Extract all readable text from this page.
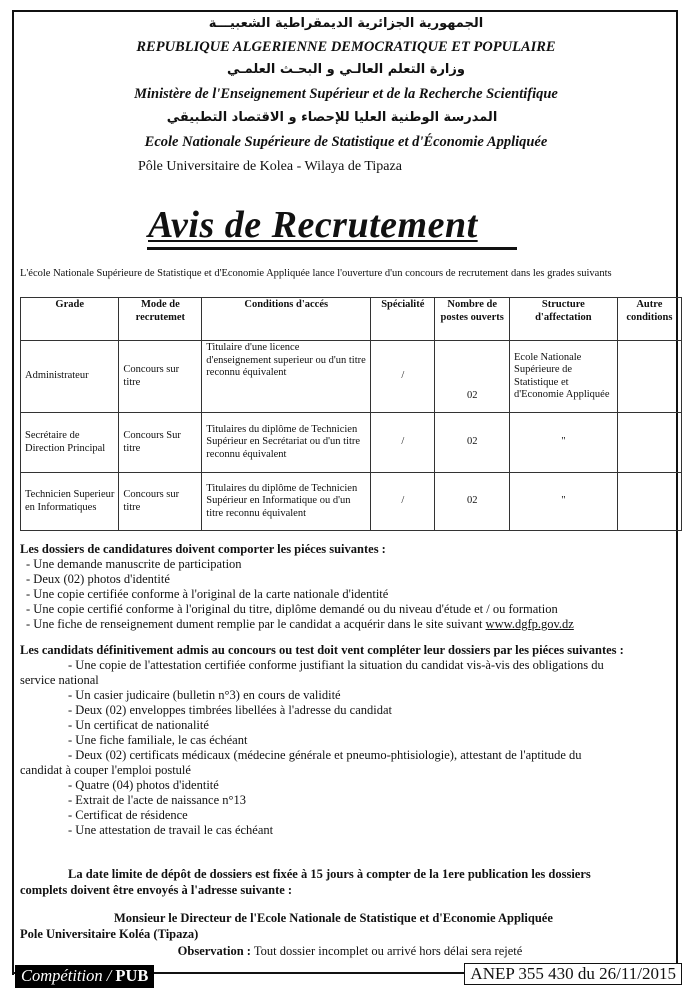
الجمهورية الجزائرية الديمقراطية الشعبيـــة
REPUBLIQUE ALGERIENNE DEMOCRATIQUE ET POPULAIRE
وزارة التعلم العالـي و البحـث العلمـي
Ministère de l'Enseignement Supérieur et de la Recherche Scientifique
المدرسة الوطنية العليا للإحصاء و الاقتصاد التطبيقي
Ecole Nationale Supérieure de Statistique et d'Économie Appliquée
Pôle Universitaire de Kolea - Wilaya de Tipaza
Avis de Recrutement
L'école Nationale Supérieure de Statistique et d'Economie Appliquée lance l'ouverture d'un concours de recrutement dans les grades suivants
Grade	Mode de recrutemet	Conditions d'accés	Spécialité	Nombre de postes ouverts	Structure d'affectation	Autre conditions
Administrateur	Concours sur titre	Titulaire d'une licence d'enseignement superieur ou d'un titre reconnu équivalent	/	02	Ecole Nationale Supérieure de Statistique et d'Economie Appliquée	
Secrétaire de Direction Principal	Concours Sur titre	Titulaires du diplôme de Technicien Supérieur en Secrétariat ou d'un titre reconnu équivalent	/	02	"	
Technicien Superieur en Informatiques	Concours sur titre	Titulaires du diplôme de Technicien Supérieur en Informatique ou d'un titre reconnu équivalent	/	02	"	
Les dossiers de candidatures doivent comporter les piéces suivantes :
- Une demande manuscrite de participation
- Deux (02) photos d'identité
- Une copie certifiée conforme à l'original de la carte nationale d'identité
- Une copie certifié conforme à l'original du titre, diplôme demandé ou du niveau d'étude et / ou formation
- Une fiche de renseignement dument remplie par le candidat a acquérir dans le site suivant www.dgfp.gov.dz
Les candidats définitivement admis au concours ou test doit vent compléter leur dossiers par les piéces suivantes :
- Une copie de l'attestation certifiée conforme justifiant la situation du candidat vis-à-vis des obligations du
service national
- Un casier judicaire (bulletin n°3) en cours de validité
- Deux (02) enveloppes timbrées libellées à l'adresse du candidat
- Un certificat de nationalité
- Une fiche familiale, le cas échéant
- Deux (02) certificats médicaux (médecine générale et pneumo-phtisiologie), attestant de l'aptitude du
candidat à couper l'emploi postulé
- Quatre (04) photos d'identité
- Extrait de l'acte de naissance n°13
- Certificat de résidence
- Une attestation de travail le cas échéant
La date limite de dépôt de dossiers est fixée à 15 jours à compter de la 1ere publication les dossiers
complets doivent être envoyés à l'adresse suivante :
Monsieur le Directeur de l'Ecole Nationale de Statistique et d'Economie Appliquée
Pole Universitaire Koléa (Tipaza)
Observation : Tout dossier incomplet ou arrivé hors délai sera rejeté
Compétition / PUB	ANEP 355 430 du 26/11/2015
